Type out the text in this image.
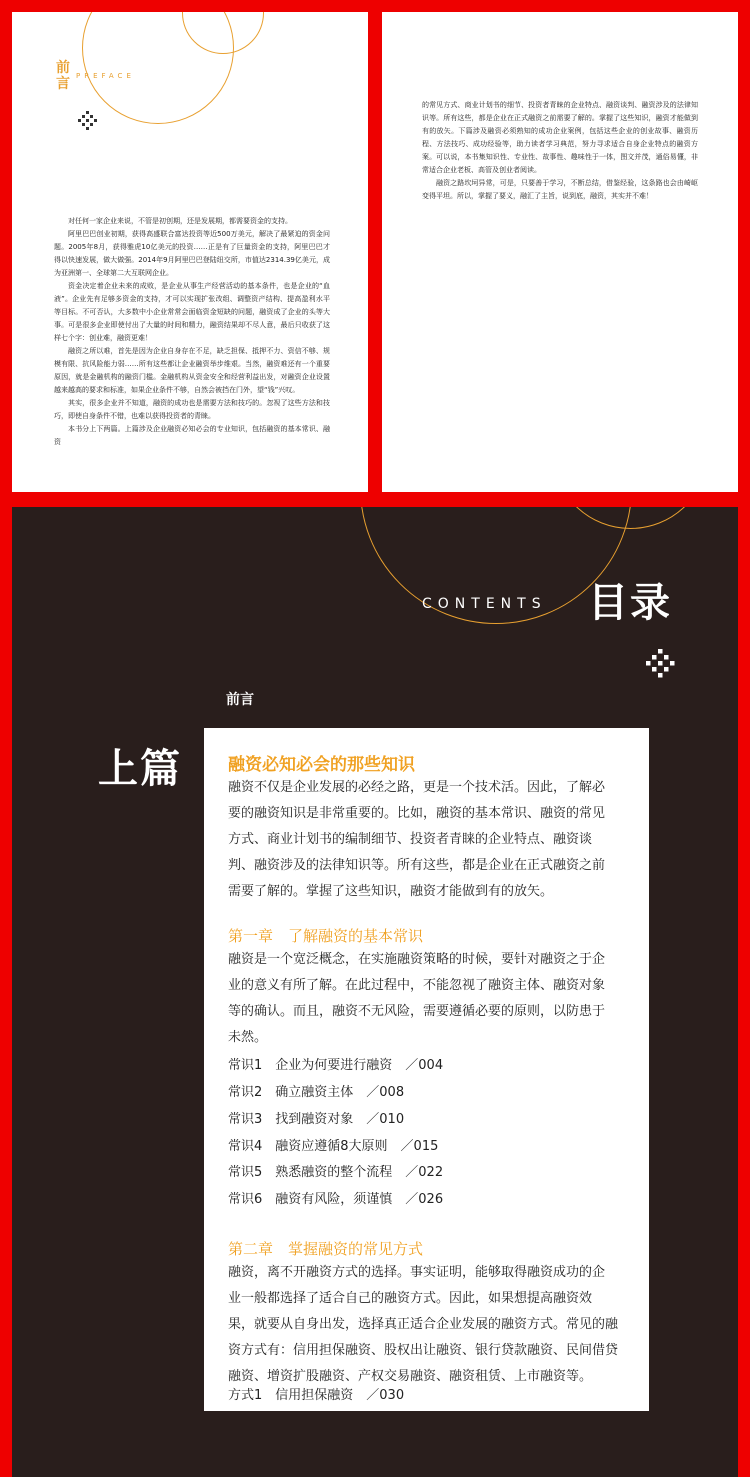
前
言 PREFACE

对任何一家企业来说，不管是初创期，还是发展期，都需要资金的支持。

阿里巴巴创业初期，获得高盛联合富达投资等近500万美元，解决了最紧迫的资金问题。2005年8月，获得雅虎10亿美元的投资……正是有了巨量资金的支持，阿里巴巴才得以快速发展，做大做强。2014年9月阿里巴巴登陆纽交所，市值达2314.39亿美元，成为亚洲第一、全球第二大互联网企业。

资金决定着企业未来的成败，是企业从事生产经营活动的基本条件，也是企业的“血液”。企业先有足够多资金的支持，才可以实现扩张改组、调整资产结构、提高盈利水平等目标。不可否认，大多数中小企业常常会面临资金短缺的问题，融资成了企业的头等大事。可是很多企业即使付出了大量的时间和精力，融资结果却不尽人意，最后只收获了这样七个字：创业难，融资更难！

融资之所以难，首先是因为企业自身存在不足，缺乏担保、抵押不力、资信不够、规模有限、抗风险能力弱……所有这些都让企业融资举步维艰。当然，融资难还有一个重要原因，就是金融机构的融资门槛。金融机构从资金安全和经营利益出发，对融资企业设置越来越高的要求和标准，如果企业条件不够，自然会被挡在门外，望“钱”兴叹。

其实，很多企业并不知道，融资的成功也是需要方法和技巧的。忽视了这些方法和技巧，即使自身条件不错，也难以获得投资者的青睐。

本书分上下两篇。上篇涉及企业融资必知必会的专业知识，包括融资的基本常识、融资

的常见方式、商业计划书的细节、投资者青睐的企业特点、融资谈判、融资涉及的法律知识等。所有这些，都是企业在正式融资之前需要了解的。掌握了这些知识，融资才能做到有的放矢。下篇涉及融资必须熟知的成功企业案例，包括这些企业的创业故事、融资历程、方法技巧、成功经验等，助力读者学习典范，努力寻求适合自身企业特点的融资方案。可以说，本书集知识性、专业性、故事性、趣味性于一体，图文并茂，通俗易懂，非常适合企业老板、高管及创业者阅读。

融资之路坎坷异常，可是，只要善于学习，不断总结，借鉴经验，这条路也会由崎岖变得平坦。所以，掌握了要义，融汇了主旨，说到底，融资，其实并不难！

CONTENTS 目录
前言
上篇	融资必知必会的那些知识
融资不仅是企业发展的必经之路，更是一个技术活。因此，了解必
要的融资知识是非常重要的。比如，融资的基本常识、融资的常见
方式、商业计划书的编制细节、投资者青睐的企业特点、融资谈
判、融资涉及的法律知识等。所有这些，都是企业在正式融资之前
需要了解的。掌握了这些知识，融资才能做到有的放矢。
第一章　了解融资的基本常识
融资是一个宽泛概念，在实施融资策略的时候，要针对融资之于企
业的意义有所了解。在此过程中，不能忽视了融资主体、融资对象
等的确认。而且，融资不无风险，需要遵循必要的原则，以防患于
未然。
常识1　企业为何要进行融资　／004
常识2　确立融资主体　／008
常识3　找到融资对象　／010
常识4　融资应遵循8大原则　／015
常识5　熟悉融资的整个流程　／022
常识6　融资有风险，须谨慎　／026
第二章　掌握融资的常见方式
融资，离不开融资方式的选择。事实证明，能够取得融资成功的企
业一般都选择了适合自己的融资方式。因此，如果想提高融资效
果，就要从自身出发，选择真正适合企业发展的融资方式。常见的融
资方式有：信用担保融资、股权出让融资、银行贷款融资、民间借贷
融资、增资扩股融资、产权交易融资、融资租赁、上市融资等。
方式1　信用担保融资　／030
